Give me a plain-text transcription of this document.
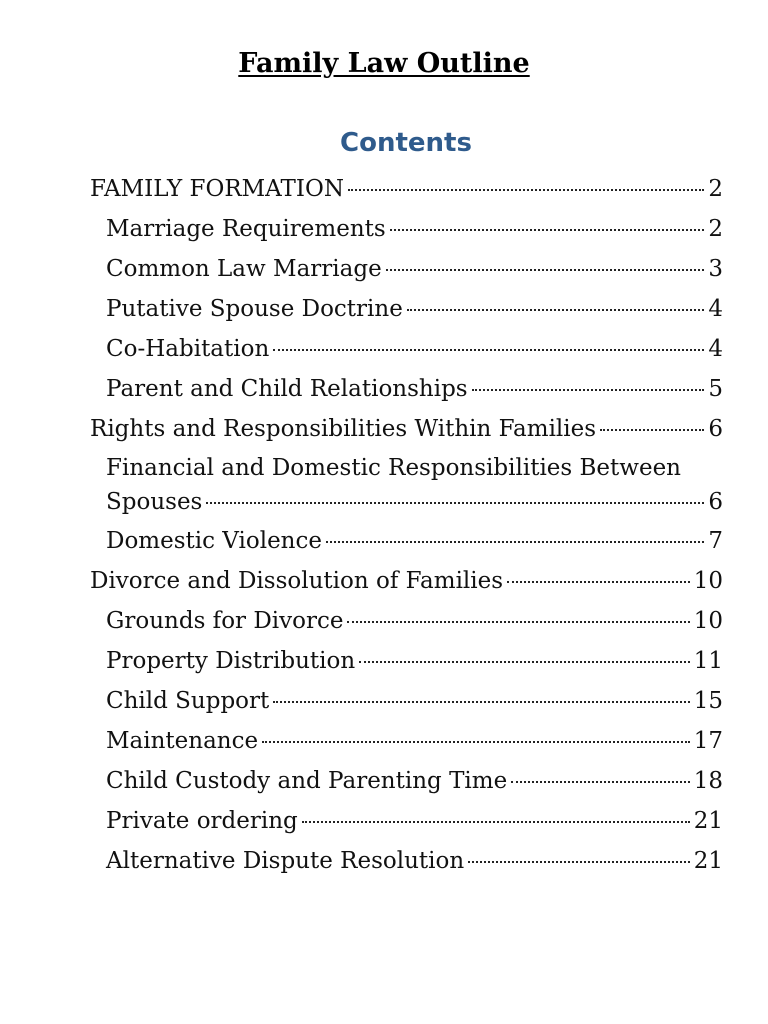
Family Law Outline
Contents
FAMILY FORMATION	2
Marriage Requirements	2
Common Law Marriage	3
Putative Spouse Doctrine	4
Co-Habitation	4
Parent and Child Relationships	5
Rights and Responsibilities Within Families	6
Financial and Domestic Responsibilities Between
Spouses	6
Domestic Violence	7
Divorce and Dissolution of Families	10
Grounds for Divorce	10
Property Distribution	11
Child Support	15
Maintenance	17
Child Custody and Parenting Time	18
Private ordering	21
Alternative Dispute Resolution	21
